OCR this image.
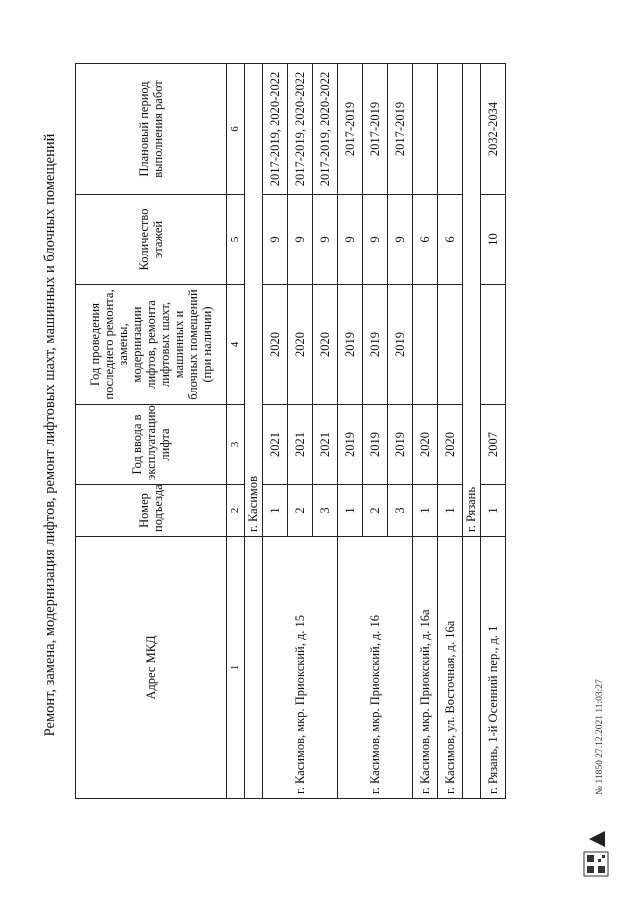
Ремонт, замена, модернизация лифтов, ремонт лифтовых шахт, машинных и блочных помещений	Адрес МКД	Номер подъезда	Год ввода в эксплуатацию лифта	Год проведения последнего ремонта, замены, модернизации лифтов, ремонта лифтовых шахт, машинных и блочных помещений (при наличии)	Количество этажей	Плановый период выполнения работ
1	2	3	4	5	6
	г. Касимов				
г. Касимов, мкр. Приокский, д. 15	1	2021	2020	9	2017-2019, 2020-2022
	2	2021	2020	9	2017-2019, 2020-2022
	3	2021	2020	9	2017-2019, 2020-2022
г. Касимов, мкр. Приокский, д. 16	1	2019	2019	9	2017-2019
	2	2019	2019	9	2017-2019
	3	2019	2019	9	2017-2019
г. Касимов, мкр. Приокский, д. 16а	1	2020		6	
г. Касимов, ул. Восточная, д. 16а	1	2020		6	
	г. Рязань				
г. Рязань, 1-й Осенний пер., д. 1	1	2007		10	2032-2034
№ 11850 27.12.2021 11:03:27
